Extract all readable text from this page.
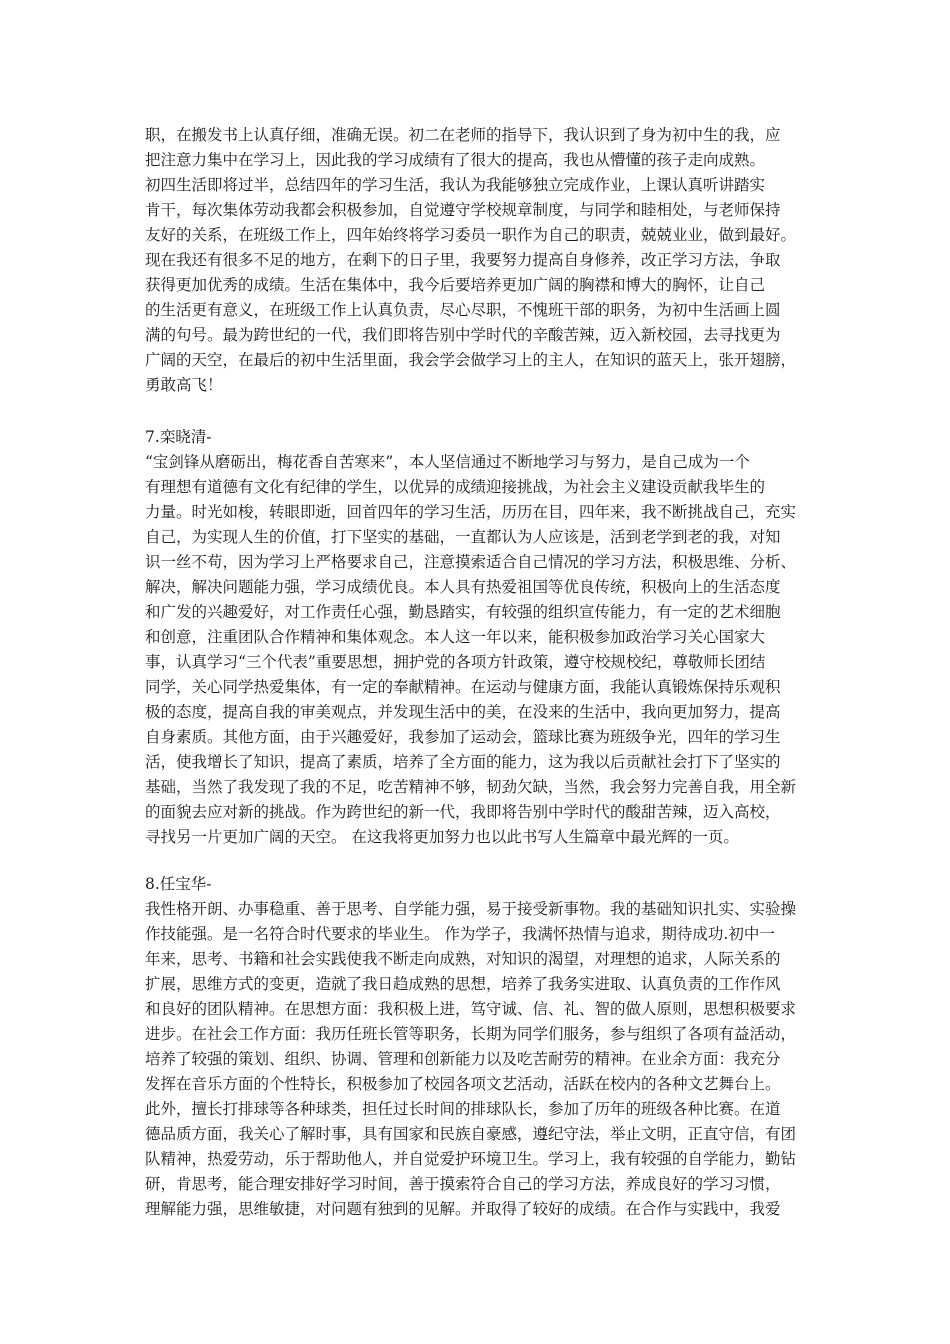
职，在搬发书上认真仔细，准确无误。初二在老师的指导下，我认识到了身为初中生的我，应
把注意力集中在学习上，因此我的学习成绩有了很大的提高，我也从懵懂的孩子走向成熟。
初四生活即将过半，总结四年的学习生活，我认为我能够独立完成作业，上课认真听讲踏实
肯干，每次集体劳动我都会积极参加，自觉遵守学校规章制度，与同学和睦相处，与老师保持
友好的关系，在班级工作上，四年始终将学习委员一职作为自己的职责，兢兢业业，做到最好。
现在我还有很多不足的地方，在剩下的日子里，我要努力提高自身修养，改正学习方法，争取
获得更加优秀的成绩。生活在集体中，我今后要培养更加广阔的胸襟和博大的胸怀，让自己
的生活更有意义，在班级工作上认真负责，尽心尽职，不愧班干部的职务，为初中生活画上圆
满的句号。最为跨世纪的一代，我们即将告别中学时代的辛酸苦辣，迈入新校园，去寻找更为
广阔的天空，在最后的初中生活里面，我会学会做学习上的主人，在知识的蓝天上，张开翅膀，
勇敢高飞！
7.栾晓清-
“宝剑锋从磨砺出，梅花香自苦寒来”，本人坚信通过不断地学习与努力，是自己成为一个
有理想有道德有文化有纪律的学生，以优异的成绩迎接挑战，为社会主义建设贡献我毕生的
力量。时光如梭，转眼即逝，回首四年的学习生活，历历在目，四年来，我不断挑战自己，充实
自己，为实现人生的价值，打下坚实的基础，一直都认为人应该是，活到老学到老的我，对知
识一丝不苟，因为学习上严格要求自己，注意摸索适合自己情况的学习方法，积极思维、分析、
解决，解决问题能力强，学习成绩优良。本人具有热爱祖国等优良传统，积极向上的生活态度
和广发的兴趣爱好，对工作责任心强，勤恳踏实，有较强的组织宣传能力，有一定的艺术细胞
和创意，注重团队合作精神和集体观念。本人这一年以来，能积极参加政治学习关心国家大
事，认真学习“三个代表”重要思想，拥护党的各项方针政策，遵守校规校纪，尊敬师长团结
同学，关心同学热爱集体，有一定的奉献精神。在运动与健康方面，我能认真锻炼保持乐观积
极的态度，提高自我的审美观点，并发现生活中的美，在没来的生活中，我向更加努力，提高
自身素质。其他方面，由于兴趣爱好，我参加了运动会，篮球比赛为班级争光，四年的学习生
活，使我增长了知识，提高了素质，培养了全方面的能力，这为我以后贡献社会打下了坚实的
基础，当然了我发现了我的不足，吃苦精神不够，韧劲欠缺，当然，我会努力完善自我，用全新
的面貌去应对新的挑战。作为跨世纪的新一代，我即将告别中学时代的酸甜苦辣，迈入高校，
寻找另一片更加广阔的天空。 在这我将更加努力也以此书写人生篇章中最光辉的一页。
8.任宝华-
我性格开朗、办事稳重、善于思考、自学能力强，易于接受新事物。我的基础知识扎实、实验操
作技能强。是一名符合时代要求的毕业生。 作为学子，我满怀热情与追求，期待成功.初中一
年来，思考、书籍和社会实践使我不断走向成熟，对知识的渴望，对理想的追求，人际关系的
扩展，思维方式的变更，造就了我日趋成熟的思想，培养了我务实进取、认真负责的工作作风
和良好的团队精神。在思想方面：我积极上进，笃守诚、信、礼、智的做人原则，思想积极要求
进步。在社会工作方面：我历任班长管等职务，长期为同学们服务，参与组织了各项有益活动，
培养了较强的策划、组织、协调、管理和创新能力以及吃苦耐劳的精神。在业余方面：我充分
发挥在音乐方面的个性特长，积极参加了校园各项文艺活动，活跃在校内的各种文艺舞台上。
此外，擅长打排球等各种球类，担任过长时间的排球队长，参加了历年的班级各种比赛。在道
德品质方面，我关心了解时事，具有国家和民族自豪感，遵纪守法，举止文明，正直守信，有团
队精神，热爱劳动，乐于帮助他人，并自觉爱护环境卫生。学习上，我有较强的自学能力，勤钻
研，肯思考，能合理安排好学习时间，善于摸索符合自己的学习方法，养成良好的学习习惯，
理解能力强，思维敏捷，对问题有独到的见解。并取得了较好的成绩。在合作与实践中，我爱
